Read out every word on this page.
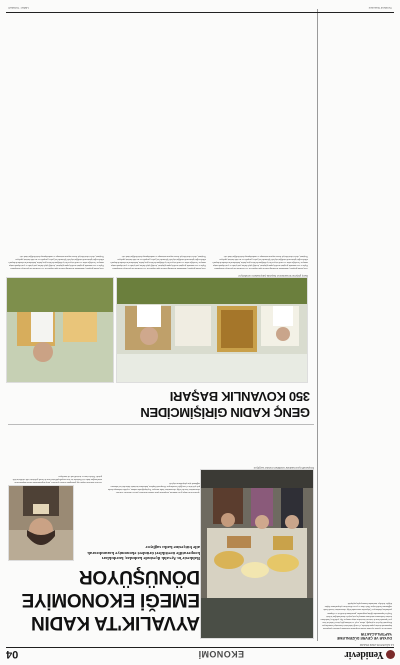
Yenidevir
EKONOMİ
04
14 AĞUSTOS 2022 PAZAR
DUYAR VE ÇEVRE DÜZENLEME YAPTIRLACAKTIR
Balıkesir'in Ayvalık ilçesinde kadın kooperatifi tarafından yürütülen çalışmalar kapsamında üretim yapan kadınlar, el emeği ürünlerini ekonomiye kazandırıyor. Kooperatif üyeleri zeytinyağı, sabun, reçel ve tarhana gibi yöresel ürünleri hem yerel pazarda hem de internet üzerinden satışa sunuyor. İlçe yetkilileri, kadınların üretime katılımının artırılması amacıyla yeni projeler hazırlandığını belirtti. Projeler kapsamında eğitim programları, pazarlama destekleri ve ekipman yardımları planlanıyor. Çalışmalar sonucunda bölge ekonomisine önemli katkı sağlanması hedefleniyor. İhale ilanı ve çevre düzenleme çalışmalarına ilişkin bilgiler belediye tarafından kamuoyuyla paylaşıldı.
Kooperatif üyesi kadınlar ürettikleri ürünleri sergiliyor.
AYVALIK'TA KADIN
EMEĞİ EKONOMİYE
DÖNÜŞÜYOR
Balıkesir'in Ayvalık ilçesinde kadınlar, kurdukları kooperatifle ürettikleri ürünleri ekonomiye kazandırarak aile bütçesine katkı sağlıyor
Ayvalık'ta bir araya gelen kadınlar, kooperatif çatısı altında ürettikleri yöresel ürünlerle hem aile ekonomisine hem de bölge ekonomisine katkı sunuyor. Zeytinyağından sabuna, reçelden tarhanaya kadar pek çok ürün el emeğiyle hazırlanıyor. Kooperatif başkanı, kadınların üretimde daha aktif rol almasını sağlamak için çalıştıklarını söyledi.
Üretilen ürünlerin büyük ilgi gördüğünü belirten yetkililer, talep doğrultusunda üretim kapasitesinin artırılacağını ifade etti. Kadınlar ise hem sosyalleştiklerini hem de kendi gelirlerini elde ettiklerini dile getirdi. Ürünler fuar ve festivallerde de tanıtılıyor.
GENÇ KADIN GİRİŞİMCİDEN
350 KOVANLIK BAŞARI
Genç girişimci kovanlarının başında çalışmalarını sürdürüyor.
Genç kadın girişimci, babasından devraldığı arıcılık işini büyüterek 350 kovanlık bir işletmeye dönüştürdü. Yayla ve ova arasında gezginci arıcılık yapan girişimci, ürettiği çiçek balını yurt içinde ve yurt dışında satışa sunuyor. Arıcılığın sabır ve emek isteyen bir iş olduğunu belirten genç kadın, kadınların bu alanda da başarılı olabileceğini göstermek istediğini söyledi. İşletmede bal, polen, propolis ve arı sütü üretimi yapılıyor. Girişimci, devlet destekleriyle kovan sayısını artırmayı ve markalaşmayı hedeflediğini ifade etti.
Genç kadın girişimci, babasından devraldığı arıcılık işini büyüterek 350 kovanlık bir işletmeye dönüştürdü. Yayla ve ova arasında gezginci arıcılık yapan girişimci, ürettiği çiçek balını yurt içinde ve yurt dışında satışa sunuyor. Arıcılığın sabır ve emek isteyen bir iş olduğunu belirten genç kadın, kadınların bu alanda da başarılı olabileceğini göstermek istediğini söyledi. İşletmede bal, polen, propolis ve arı sütü üretimi yapılıyor. Girişimci, devlet destekleriyle kovan sayısını artırmayı ve markalaşmayı hedeflediğini ifade etti.
Genç kadın girişimci, babasından devraldığı arıcılık işini büyüterek 350 kovanlık bir işletmeye dönüştürdü. Yayla ve ova arasında gezginci arıcılık yapan girişimci, ürettiği çiçek balını yurt içinde ve yurt dışında satışa sunuyor. Arıcılığın sabır ve emek isteyen bir iş olduğunu belirten genç kadın, kadınların bu alanda da başarılı olabileceğini göstermek istediğini söyledi. İşletmede bal, polen, propolis ve arı sütü üretimi yapılıyor. Girişimci, devlet destekleriyle kovan sayısını artırmayı ve markalaşmayı hedeflediğini ifade etti.
Yenidevir Gazetesi
Haber: Yenidevir
